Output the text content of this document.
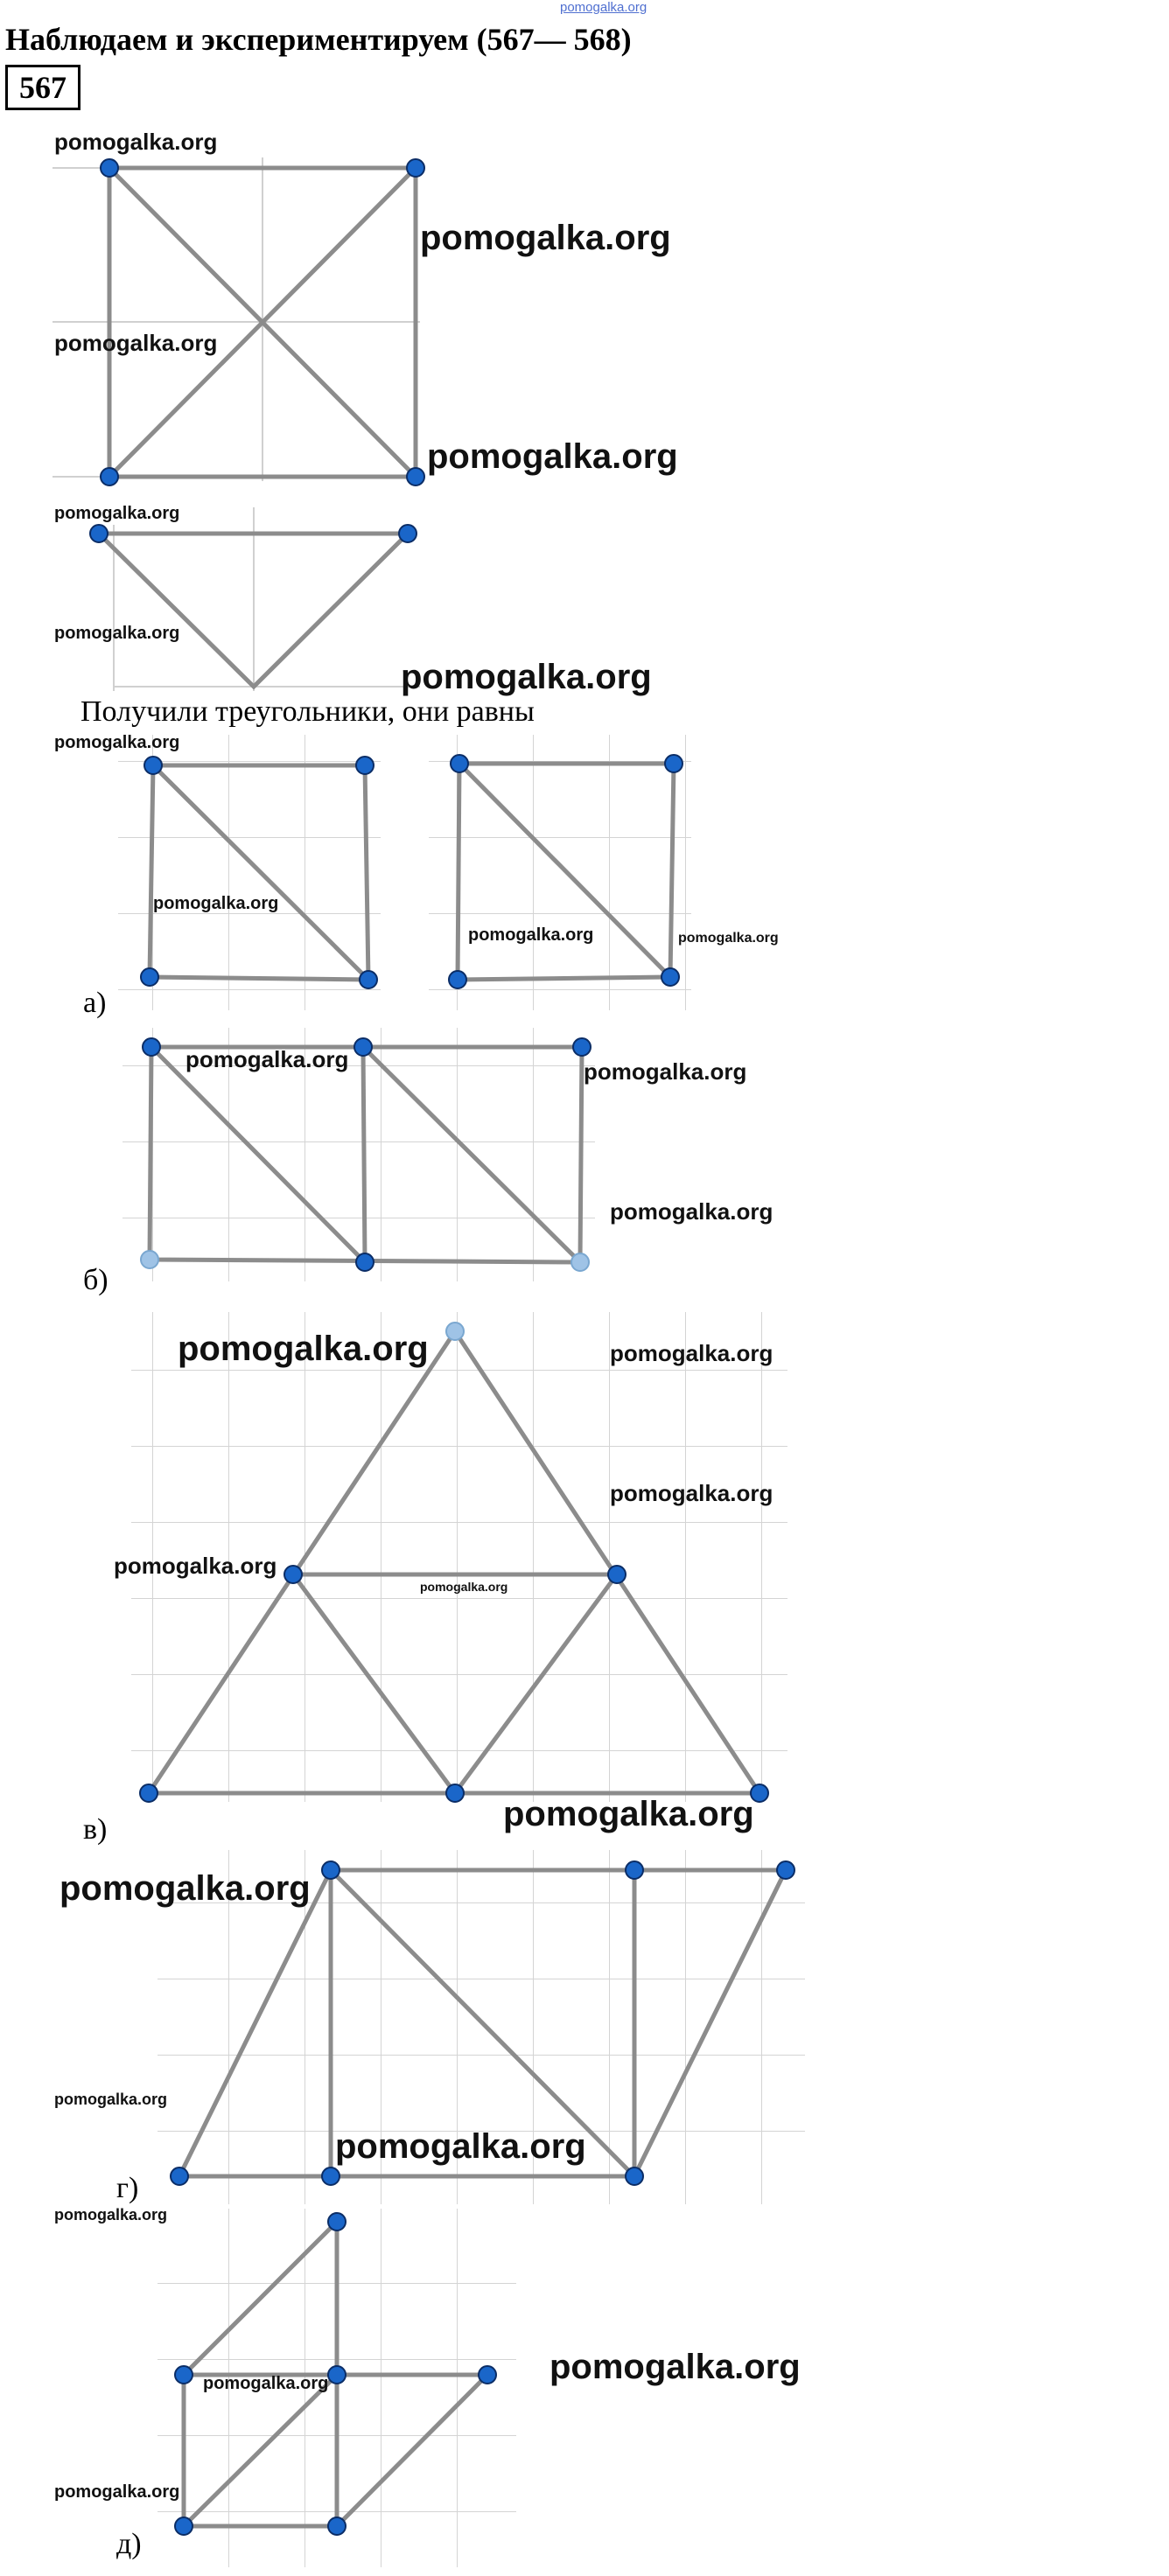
pomogalka.org
Наблюдаем и экспериментируем (567— 568)
567
Получили треугольники, они равны
а)
б)
в)
г)
д)
pomogalka.org
pomogalka.org
pomogalka.org
pomogalka.org
pomogalka.org
pomogalka.org
pomogalka.org
pomogalka.org
pomogalka.org
pomogalka.org	pomogalka.org
pomogalka.org	pomogalka.org
pomogalka.org
pomogalka.org	pomogalka.org
pomogalka.org
pomogalka.org
pomogalka.org
pomogalka.org
pomogalka.org
pomogalka.org
pomogalka.org
pomogalka.org
pomogalka.org	pomogalka.org
pomogalka.org
